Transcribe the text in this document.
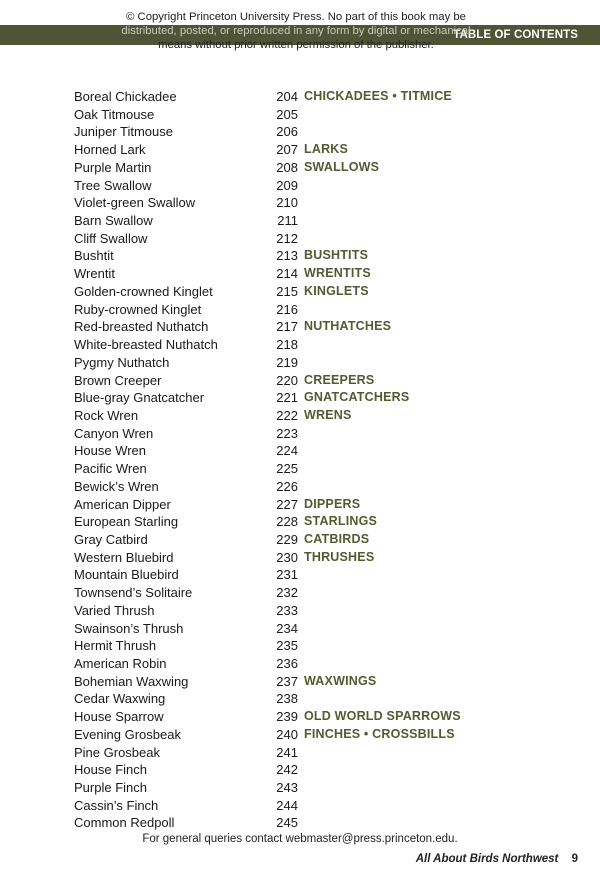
TABLE OF CONTENTS
© Copyright Princeton University Press. No part of this book may be
distributed, posted, or reproduced in any form by digital or mechanical
means without prior written permission of the publisher.
Boreal Chickadee	204 CHICKADEES • TITMICE
Oak Titmouse	205
Juniper Titmouse	206
Horned Lark	207 LARKS
Purple Martin	208 SWALLOWS
Tree Swallow	209
Violet-green Swallow	210
Barn Swallow	211
Cliff Swallow	212
Bushtit	213 BUSHTITS
Wrentit	214 WRENTITS
Golden-crowned Kinglet	215 KINGLETS
Ruby-crowned Kinglet	216
Red-breasted Nuthatch	217 NUTHATCHES
White-breasted Nuthatch	218
Pygmy Nuthatch	219
Brown Creeper	220 CREEPERS
Blue-gray Gnatcatcher	221 GNATCATCHERS
Rock Wren	222 WRENS
Canyon Wren	223
House Wren	224
Pacific Wren	225
Bewick’s Wren	226
American Dipper	227 DIPPERS
European Starling	228 STARLINGS
Gray Catbird	229 CATBIRDS
Western Bluebird	230 THRUSHES
Mountain Bluebird	231
Townsend’s Solitaire	232
Varied Thrush	233
Swainson’s Thrush	234
Hermit Thrush	235
American Robin	236
Bohemian Waxwing	237 WAXWINGS
Cedar Waxwing	238
House Sparrow	239 OLD WORLD SPARROWS
Evening Grosbeak	240 FINCHES • CROSSBILLS
Pine Grosbeak	241
House Finch	242
Purple Finch	243
Cassin’s Finch	244
Common Redpoll	245
For general queries contact webmaster@press.princeton.edu.
All About Birds Northwest 9
